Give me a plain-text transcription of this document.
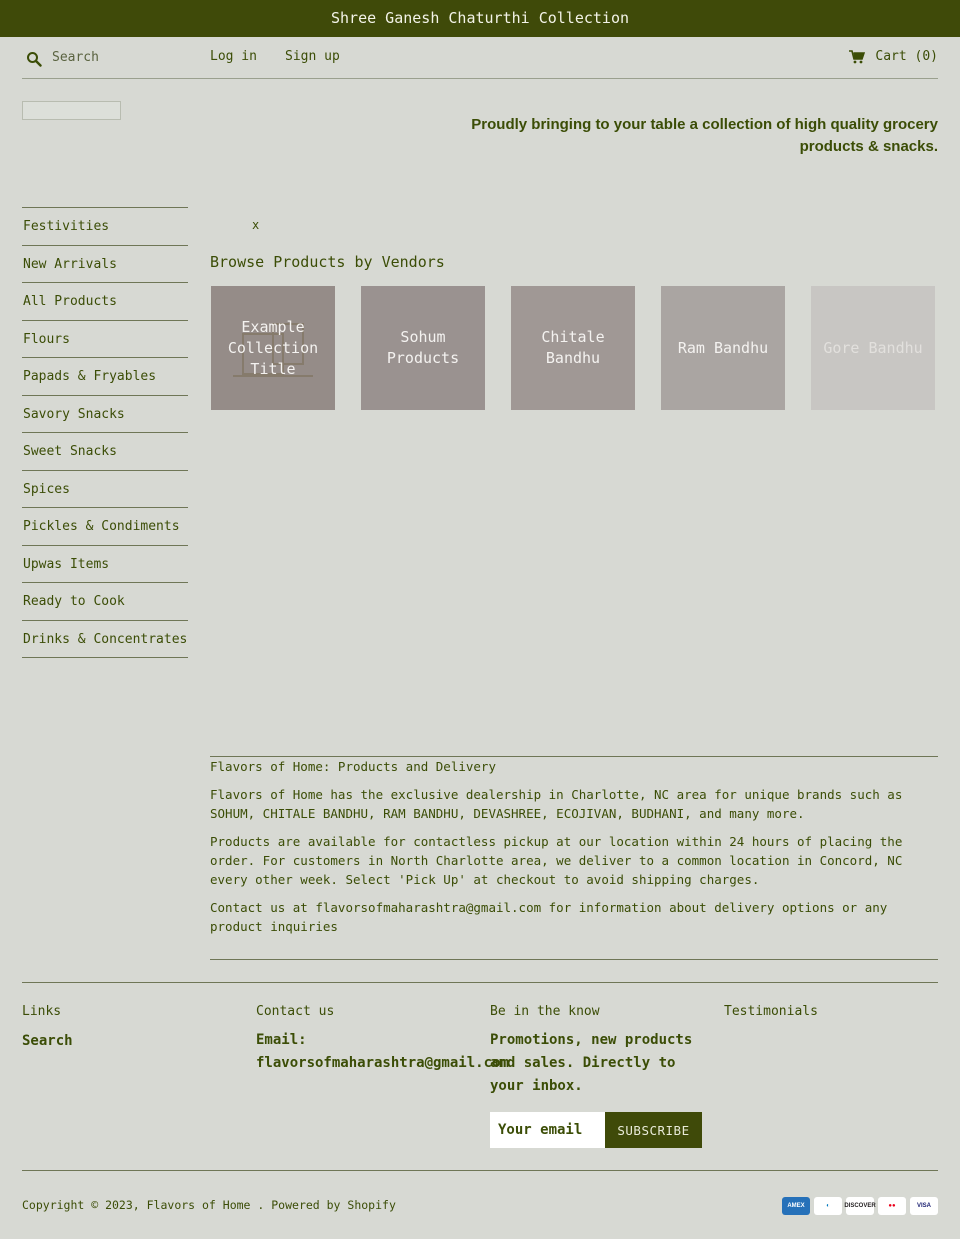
Shree Ganesh Chaturthi Collection
Search
Log in Sign up	Cart (0)
Proudly bringing to your table a collection of high quality grocery products & snacks.
Festivities
New Arrivals
All Products
Flours
Papads & Fryables
Savory Snacks
Sweet Snacks
Spices
Pickles & Condiments
Upwas Items
Ready to Cook
Drinks & Concentrates
x
Browse Products by Vendors
Example Collection Title
Sohum Products
Chitale Bandhu
Ram Bandhu	Gore Bandhu
Flavors of Home: Products and Delivery

Flavors of Home has the exclusive dealership in Charlotte, NC area for unique brands such as SOHUM, CHITALE BANDHU, RAM BANDHU, DEVASHREE, ECOJIVAN, BUDHANI, and many more.

Products are available for contactless pickup at our location within 24 hours of placing the order. For customers in North Charlotte area, we deliver to a common location in Concord, NC every other week. Select 'Pick Up' at checkout to avoid shipping charges.

Contact us at flavorsofmaharashtra@gmail.com for information about delivery options or any product inquiries

Links
Search
Contact us
Email: flavorsofmaharashtra@gmail.com
Be in the know
Promotions, new products and sales. Directly to your inbox.
Your email
SUBSCRIBE
Testimonials
Copyright © 2023, Flavors of Home . Powered by Shopify	AMEX	◐	DISCOVER	●●	VISA
